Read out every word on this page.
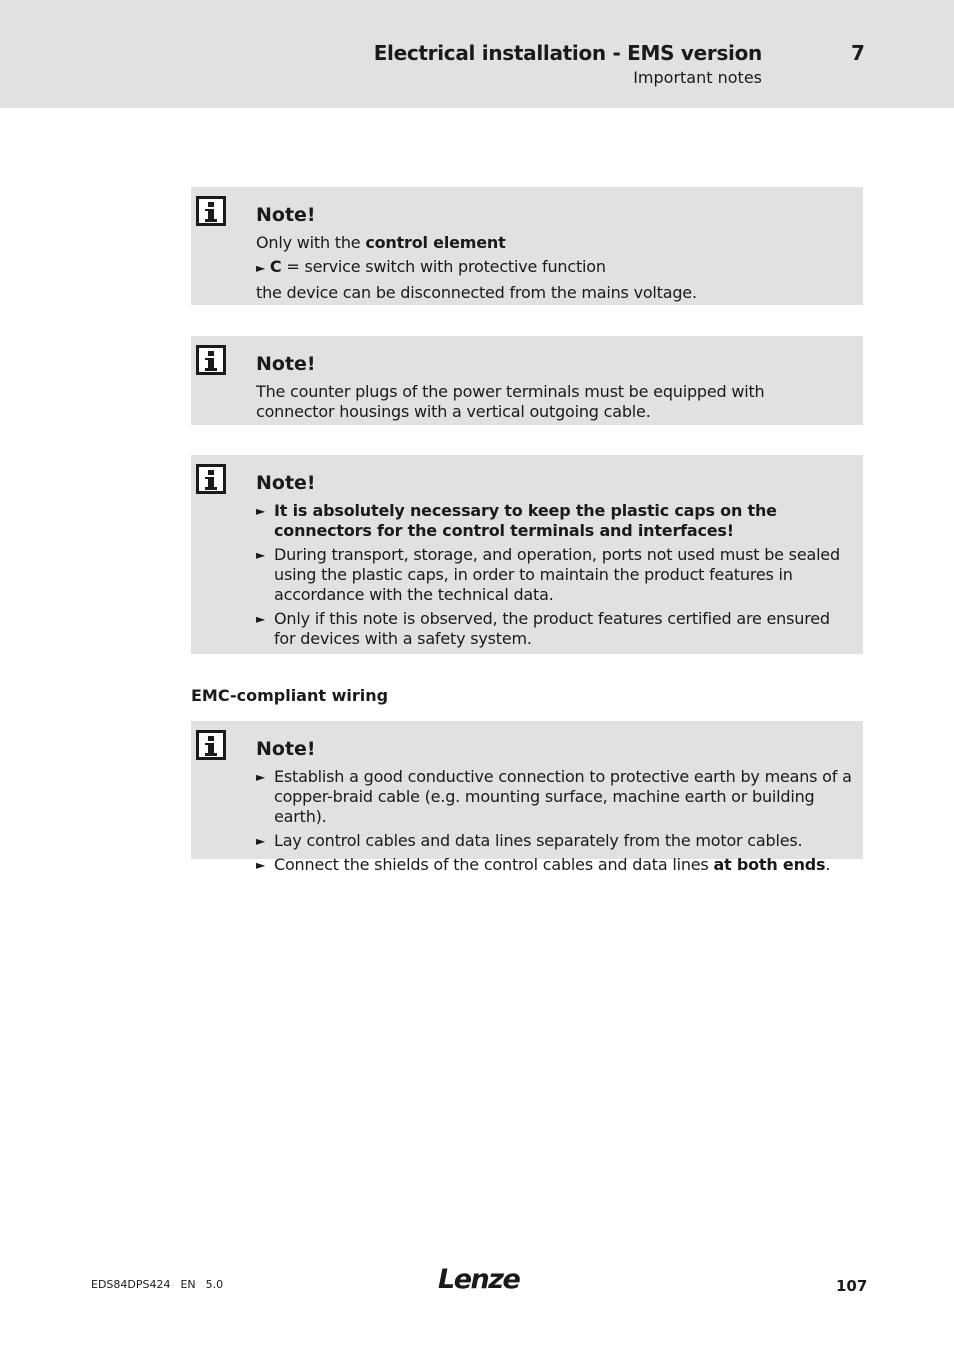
Electrical installation - EMS version
Important notes
7
Note!
Only with the control element
► C = service switch with protective function
the device can be disconnected from the mains voltage.
Note!
The counter plugs of the power terminals must be equipped with connector housings with a vertical outgoing cable.
Note!
► It is absolutely necessary to keep the plastic caps on the connectors for the control terminals and interfaces!
► During transport, storage, and operation, ports not used must be sealed using the plastic caps, in order to maintain the product features in accordance with the technical data.
► Only if this note is observed, the product features certified are ensured for devices with a safety system.
EMC-compliant wiring
Note!
► Establish a good conductive connection to protective earth by means of a copper-braid cable (e.g. mounting surface, machine earth or building earth).
► Lay control cables and data lines separately from the motor cables.
► Connect the shields of the control cables and data lines at both ends.
EDS84DPS424 EN 5.0	Lenze	107
